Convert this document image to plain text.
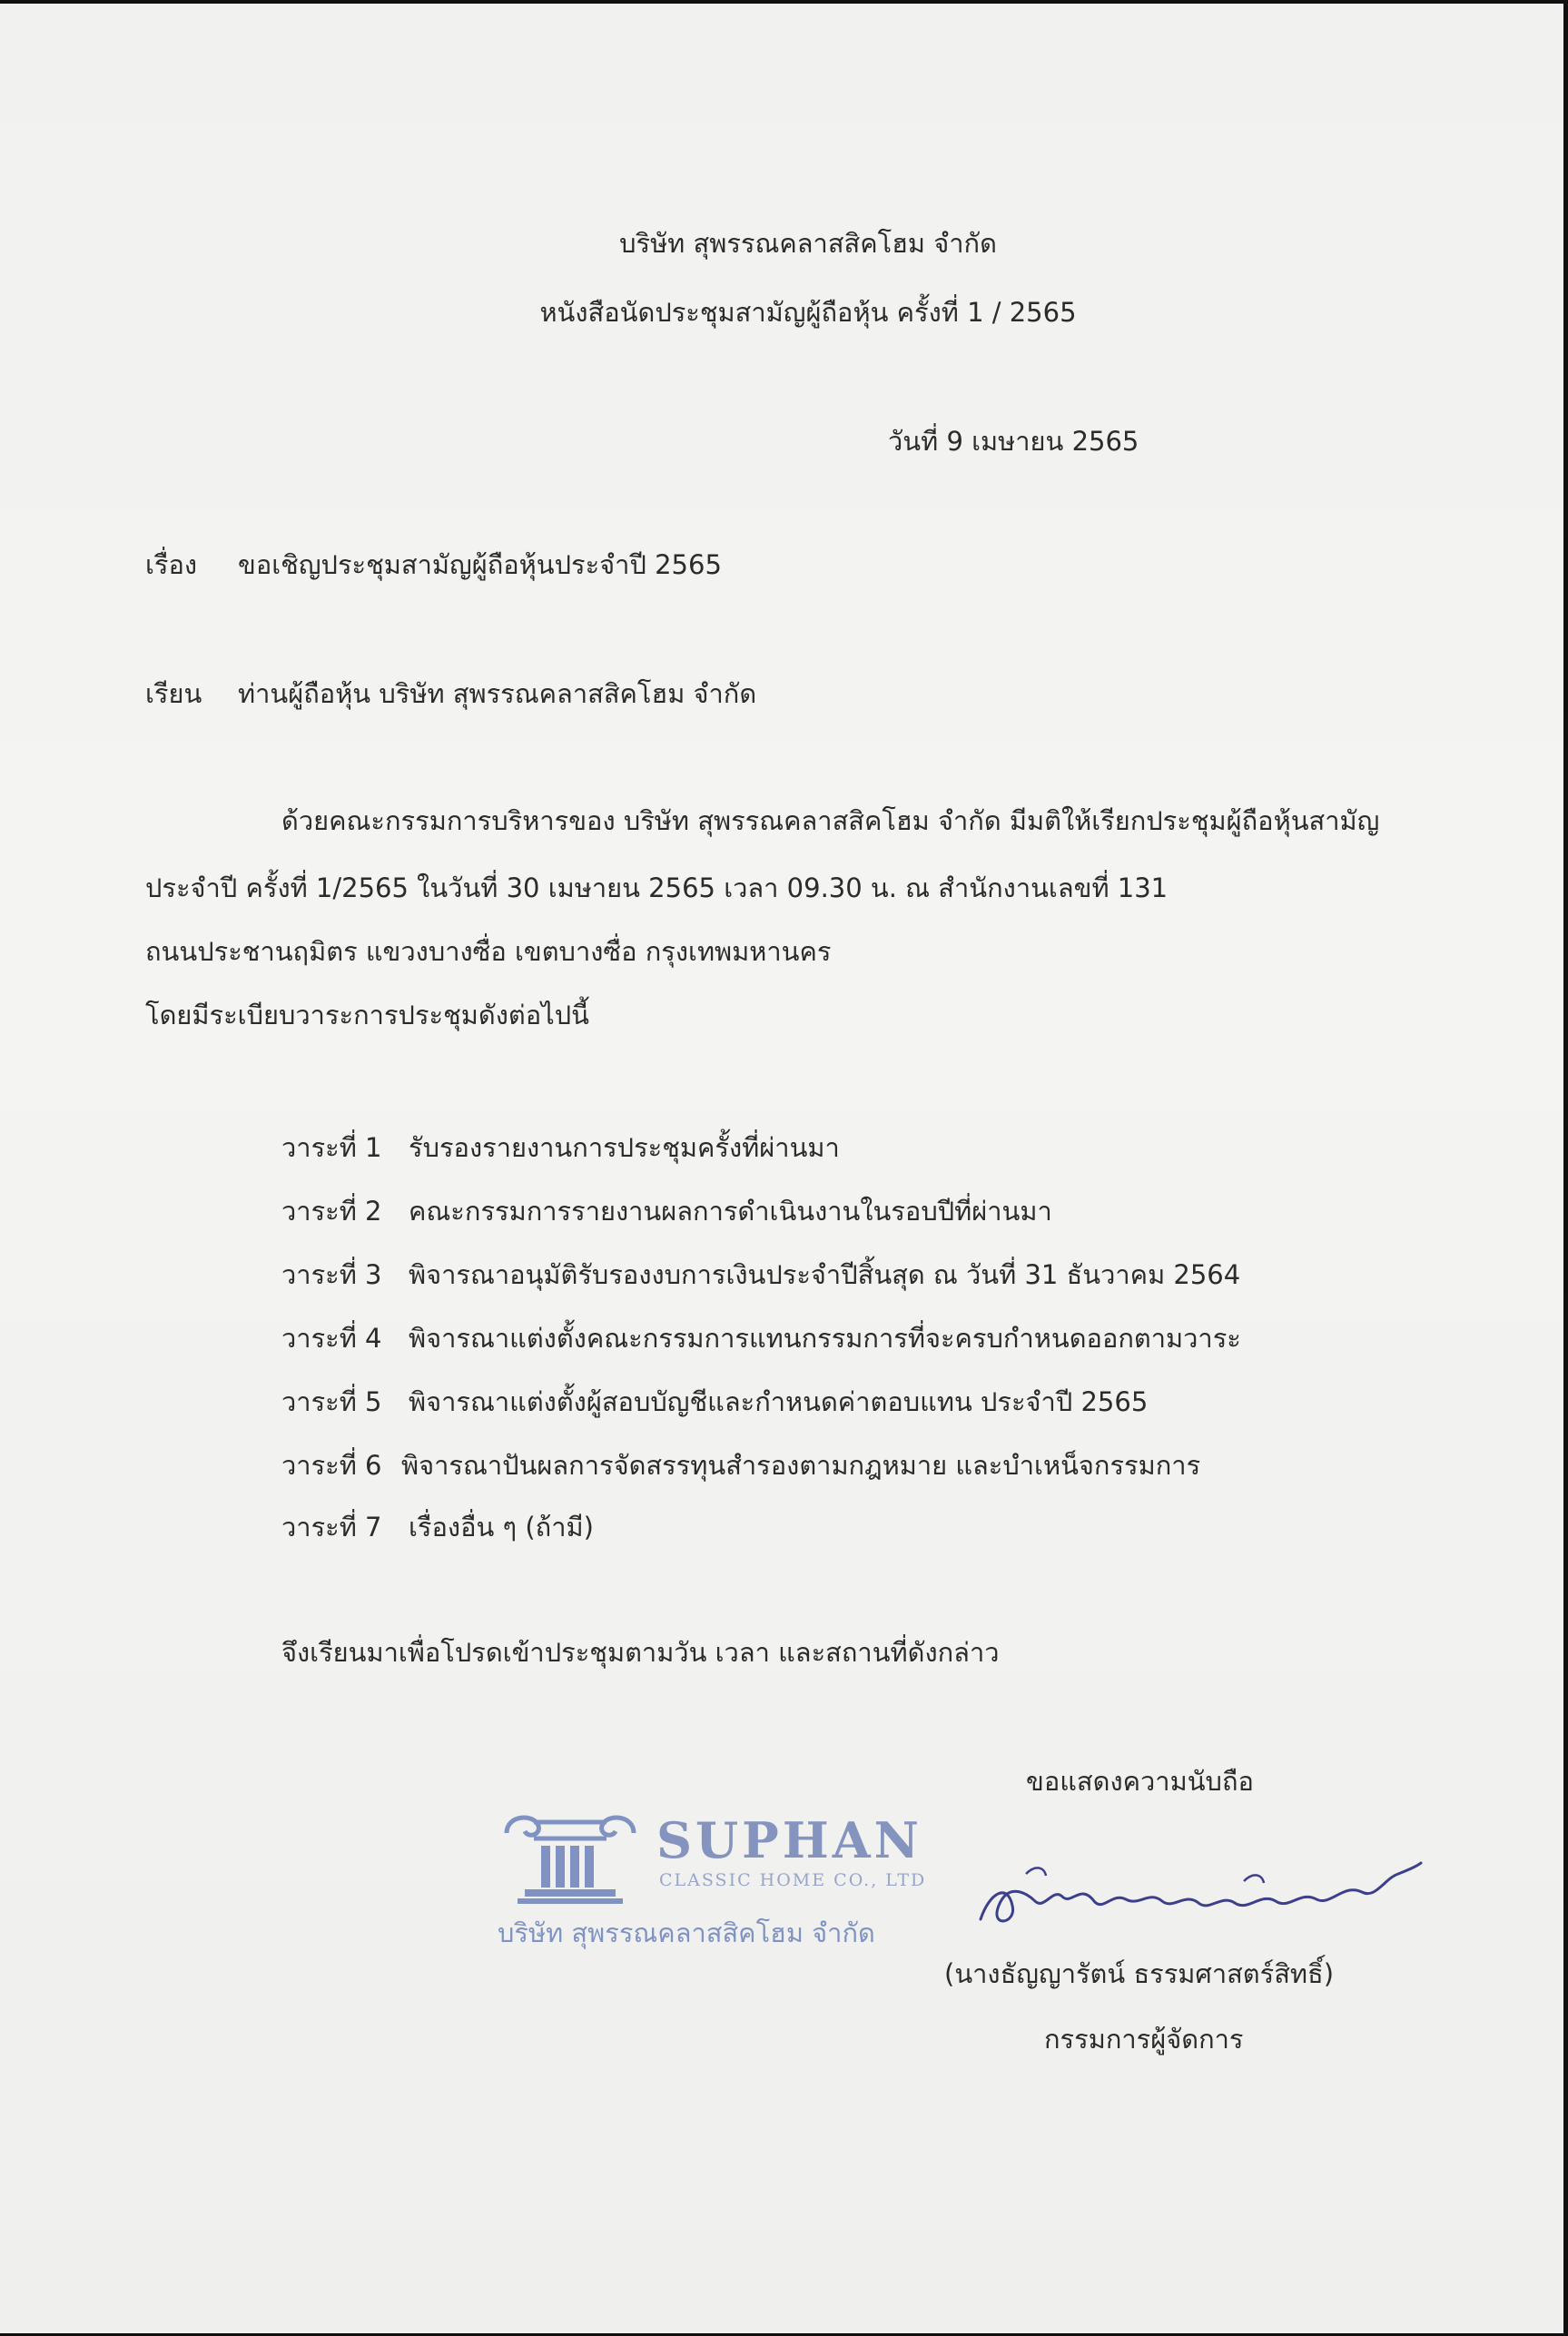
บริษัท สุพรรณคลาสสิคโฮม จำกัด
หนังสือนัดประชุมสามัญผู้ถือหุ้น ครั้งที่ 1 / 2565
วันที่ 9 เมษายน 2565
เรื่อง ขอเชิญประชุมสามัญผู้ถือหุ้นประจำปี 2565
เรียน ท่านผู้ถือหุ้น บริษัท สุพรรณคลาสสิคโฮม จำกัด
ด้วยคณะกรรมการบริหารของ บริษัท สุพรรณคลาสสิคโฮม จำกัด มีมติให้เรียกประชุมผู้ถือหุ้นสามัญ
ประจำปี ครั้งที่ 1/2565 ในวันที่ 30 เมษายน 2565 เวลา 09.30 น. ณ สำนักงานเลขที่ 131
ถนนประชานฤมิตร แขวงบางซื่อ เขตบางซื่อ กรุงเทพมหานคร
โดยมีระเบียบวาระการประชุมดังต่อไปนี้
วาระที่ 1 รับรองรายงานการประชุมครั้งที่ผ่านมา
วาระที่ 2 คณะกรรมการรายงานผลการดำเนินงานในรอบปีที่ผ่านมา
วาระที่ 3 พิจารณาอนุมัติรับรองงบการเงินประจำปีสิ้นสุด ณ วันที่ 31 ธันวาคม 2564
วาระที่ 4 พิจารณาแต่งตั้งคณะกรรมการแทนกรรมการที่จะครบกำหนดออกตามวาระ
วาระที่ 5 พิจารณาแต่งตั้งผู้สอบบัญชีและกำหนดค่าตอบแทน ประจำปี 2565
วาระที่ 6 พิจารณาปันผลการจัดสรรทุนสำรองตามกฎหมาย และบำเหน็จกรรมการ
วาระที่ 7 เรื่องอื่น ๆ (ถ้ามี)
จึงเรียนมาเพื่อโปรดเข้าประชุมตามวัน เวลา และสถานที่ดังกล่าว
ขอแสดงความนับถือ
SUPHAN
CLASSIC HOME CO., LTD
บริษัท สุพรรณคลาสสิคโฮม จำกัด
(นางธัญญารัตน์ ธรรมศาสตร์สิทธิ์)
กรรมการผู้จัดการ
